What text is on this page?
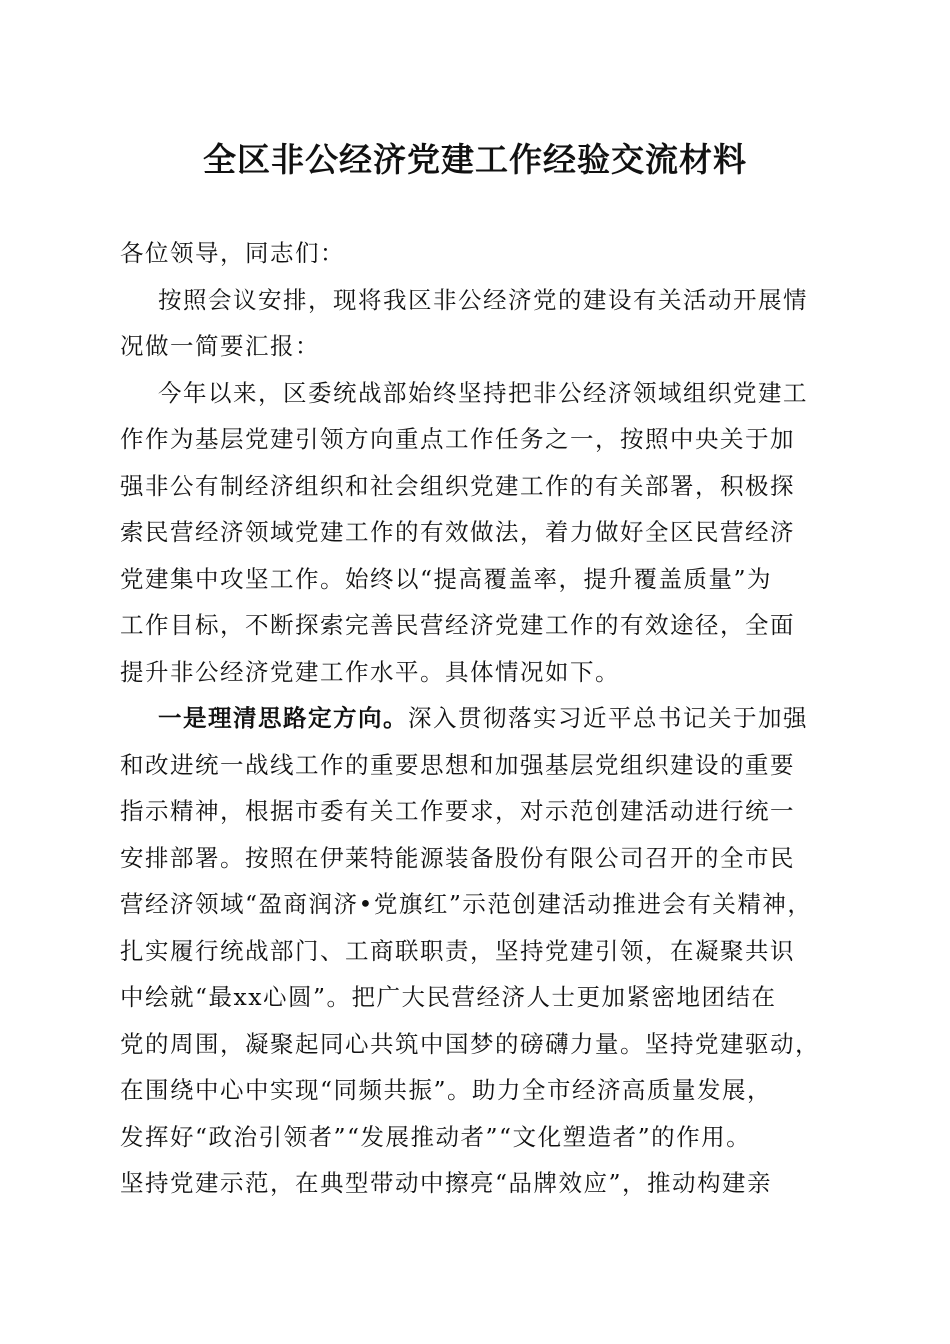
全区非公经济党建工作经验交流材料
各位领导，同志们：
按照会议安排，现将我区非公经济党的建设有关活动开展情
况做一简要汇报：
今年以来，区委统战部始终坚持把非公经济领域组织党建工
作作为基层党建引领方向重点工作任务之一，按照中央关于加
强非公有制经济组织和社会组织党建工作的有关部署，积极探
索民营经济领域党建工作的有效做法，着力做好全区民营经济
党建集中攻坚工作。始终以“提高覆盖率，提升覆盖质量”为
工作目标，不断探索完善民营经济党建工作的有效途径，全面
提升非公经济党建工作水平。具体情况如下。
一是理清思路定方向。深入贯彻落实习近平总书记关于加强
和改进统一战线工作的重要思想和加强基层党组织建设的重要
指示精神，根据市委有关工作要求，对示范创建活动进行统一
安排部署。按照在伊莱特能源装备股份有限公司召开的全市民
营经济领域“盈商润济•党旗红”示范创建活动推进会有关精神，
扎实履行统战部门、工商联职责，坚持党建引领，在凝聚共识
中绘就“最xx心圆”。把广大民营经济人士更加紧密地团结在
党的周围，凝聚起同心共筑中国梦的磅礴力量。坚持党建驱动，
在围绕中心中实现“同频共振”。助力全市经济高质量发展，
发挥好“政治引领者”“发展推动者”“文化塑造者”的作用。
坚持党建示范，在典型带动中擦亮“品牌效应”，推动构建亲
